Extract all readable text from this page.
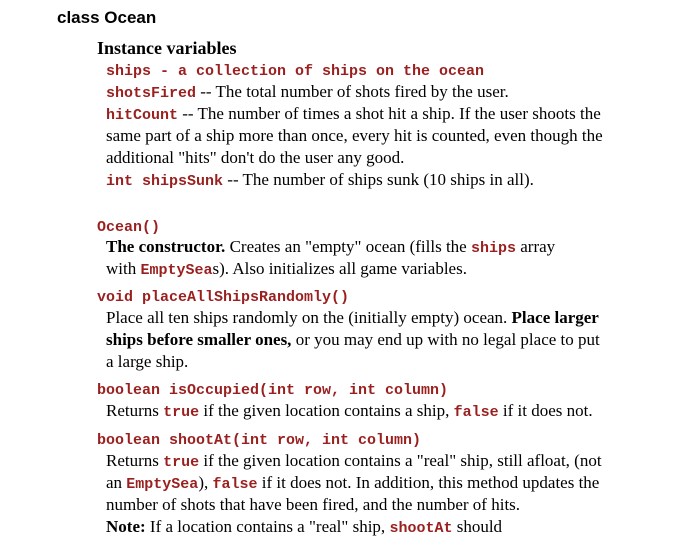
class Ocean
Instance variables
ships - a collection of ships on the ocean
shotsFired -- The total number of shots fired by the user.
hitCount -- The number of times a shot hit a ship. If the user shoots the
same part of a ship more than once, every hit is counted, even though the
additional "hits" don't do the user any good.
int shipsSunk -- The number of ships sunk (10 ships in all).
Ocean()
The constructor. Creates an "empty" ocean (fills the ships array
with EmptySeas). Also initializes all game variables.
void placeAllShipsRandomly()
Place all ten ships randomly on the (initially empty) ocean. Place larger
ships before smaller ones, or you may end up with no legal place to put
a large ship.
boolean isOccupied(int row, int column)
Returns true if the given location contains a ship, false if it does not.
boolean shootAt(int row, int column)
Returns true if the given location contains a "real" ship, still afloat, (not
an EmptySea), false if it does not. In addition, this method updates the
number of shots that have been fired, and the number of hits.
Note: If a location contains a "real" ship, shootAt should
